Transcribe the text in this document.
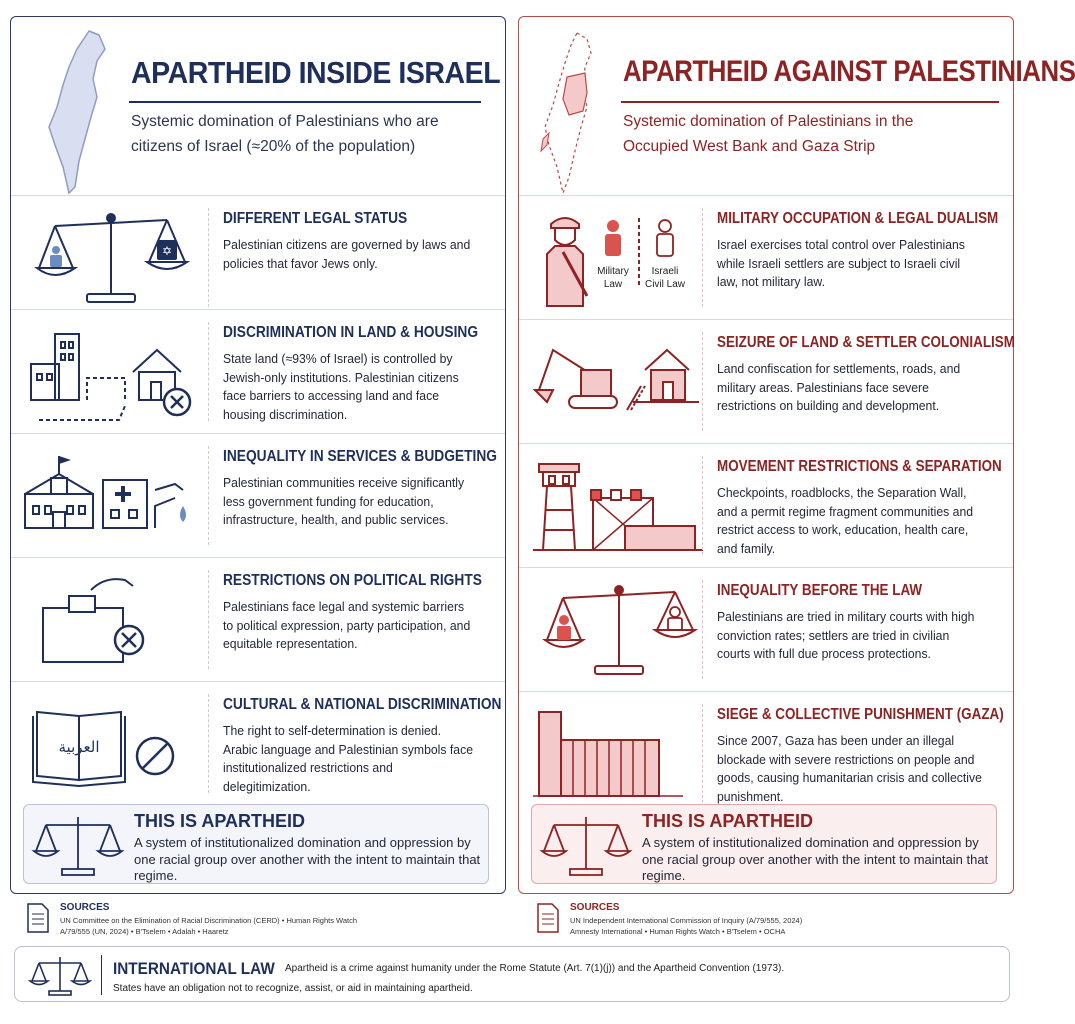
APARTHEID INSIDE ISRAEL
Systemic domination of Palestinians who are citizens of Israel (≈20% of the population)
✡
DIFFERENT LEGAL STATUS
Palestinian citizens are governed by laws and policies that favor Jews only.
DISCRIMINATION IN LAND & HOUSING
State land (≈93% of Israel) is controlled by Jewish-only institutions. Palestinian citizens face barriers to accessing land and face housing discrimination.
INEQUALITY IN SERVICES & BUDGETING
Palestinian communities receive significantly less government funding for education, infrastructure, health, and public services.
RESTRICTIONS ON POLITICAL RIGHTS
Palestinians face legal and systemic barriers to political expression, party participation, and equitable representation.
العربية
CULTURAL & NATIONAL DISCRIMINATION
The right to self-determination is denied. Arabic language and Palestinian symbols face institutionalized restrictions and delegitimization.
THIS IS APARTHEID
A system of institutionalized domination and oppression by one racial group over another with the intent to maintain that regime.
APARTHEID AGAINST PALESTINIANS
Systemic domination of Palestinians in the Occupied West Bank and Gaza Strip
Military
Law
Israeli
Civil Law
MILITARY OCCUPATION & LEGAL DUALISM
Israel exercises total control over Palestinians while Israeli settlers are subject to Israeli civil law, not military law.
SEIZURE OF LAND & SETTLER COLONIALISM
Land confiscation for settlements, roads, and military areas. Palestinians face severe restrictions on building and development.
MOVEMENT RESTRICTIONS & SEPARATION
Checkpoints, roadblocks, the Separation Wall, and a permit regime fragment communities and restrict access to work, education, health care, and family.
INEQUALITY BEFORE THE LAW
Palestinians are tried in military courts with high conviction rates; settlers are tried in civilian courts with full due process protections.
SIEGE & COLLECTIVE PUNISHMENT (GAZA)
Since 2007, Gaza has been under an illegal blockade with severe restrictions on people and goods, causing humanitarian crisis and collective punishment.
THIS IS APARTHEID
A system of institutionalized domination and oppression by one racial group over another with the intent to maintain that regime.
SOURCES
UN Committee on the Elimination of Racial Discrimination (CERD) • Human Rights Watch
A/79/555 (UN, 2024) • B'Tselem • Adalah • Haaretz
SOURCES
UN Independent International Commission of Inquiry (A/79/555, 2024)
Amnesty International • Human Rights Watch • B'Tselem • OCHA
INTERNATIONAL LAW Apartheid is a crime against humanity under the Rome Statute (Art. 7(1)(j)) and the Apartheid Convention (1973).
States have an obligation not to recognize, assist, or aid in maintaining apartheid.
